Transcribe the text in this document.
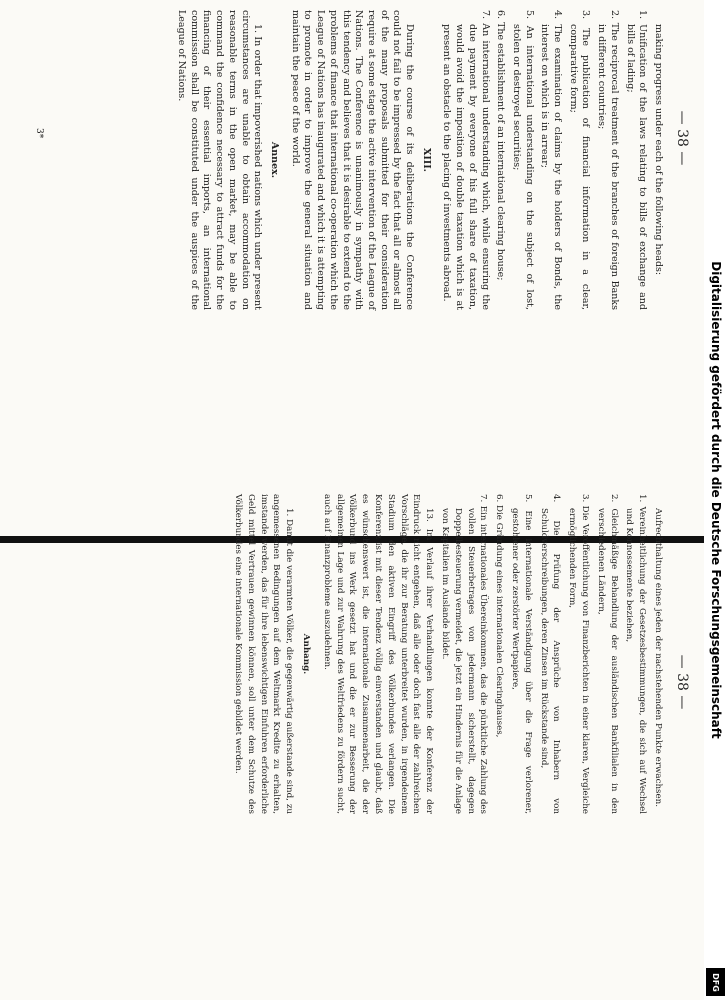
— 38 —

making progress under each of the following heads:

1. Unification of the laws relating to bills of exchange and bills of lading;

2. The reciprocal treatment of the branches of foreign Banks in different countries;

3. The publication of financial information in a clear, comparative form;

4. The examination of claims by the holders of Bonds, the interest on which is in arrear;

5. An international understanding on the subject of lost, stolen or destroyed securities;

6. The establishment of an international clearing house;

7. An international understanding which, while ensuring the due payment by everyone of his full share of taxation, would avoid the imposition of double taxation which is at present an obstacle to the placing of investments abroad.

XIII.

During the course of its deliberations the Conference could not fail to be impressed by the fact that all or almost all of the many proposals submitted for their consideration require at some stage the active intervention of the League of Nations. The Conference is unanimously in sympathy with this tendency and believes that it is desirable to extend to the problems of finance that international co-operation which the League of Nations has inaugurated and which it is attempting to promote in order to improve the general situation and maintain the peace of the world.

Annex.

1. In order that impoverished nations which under present circumstances are unable to obtain accommodation on reasonable terms in the open market, may be able to command the confidence necessary to attract funds for the financing of their essential imports, an international commission shall be constituted under the auspices of the League of Nations.

3*
— 38 —

Aufrechthaltung eines jeden der nachstehenden Punkte erwachsen.

1. Vereinheitlichung der Gesetzesbestimmungen, die sich auf Wechsel und Konnossemente beziehen,

2. Gleichmäßige Behandlung der ausländischen Bankfilialen in den verschiedenen Ländern,

3. Die Veröffentlichung von Finanzberichten in einer klaren, Vergleiche ermöglichenden Form,

4. Die Prüfung der Ansprüche von Inhabern von Schuldverschreibungen, deren Zinsen im Rückstande sind,

5. Eine internationale Verständigung über die Frage verlorener, gestohlener oder zerstörter Wertpapiere,

6. Die Gründung eines internationalen Clearinghauses,

7. Ein internationales Übereinkommen, das die pünktliche Zahlung des vollen Steuerbetrages von jedermann sicherstellt, dagegen Doppelbesteuerung vermeidet, die jetzt ein Hindernis für die Anlage von Kapitalien im Auslande bildet.

13. Im Verlauf ihrer Verhandlungen konnte der Konferenz der Eindruck nicht entgehen, daß alle oder doch fast alle der zahlreichen Vorschläge, die ihr zur Beratung unterbreitet wurden, in irgendeinem Stadium den aktiven Eingriff des Völkerbundes verlangen. Die Konferenz ist mit dieser Tendenz völlig einverstanden und glaubt, daß es wünschenswert ist, die internationale Zusammenarbeit, die der Völkerbund ins Werk gesetzt hat und die er zur Besserung der allgemeinen Lage und zur Wahrung des Weltfriedens zu fördern sucht, auch auf Finanzprobleme auszudehnen.

Anhang.

1. Damit die verarmten Völker, die gegenwärtig außerstande sind, zu angemessenen Bedingungen auf dem Weltmarkt Kredite zu erhalten, imstande werden, das für ihre lebenswichtigen Einfuhren erforderliche Geld mittel Vertrauen gewinnen können, soll unter dem Schutze des Völkerbundes eine internationale Kommission gebildet werden.	Digitalisierung gefördert durch die Deutsche Forschungsgemeinschaft
DFG
